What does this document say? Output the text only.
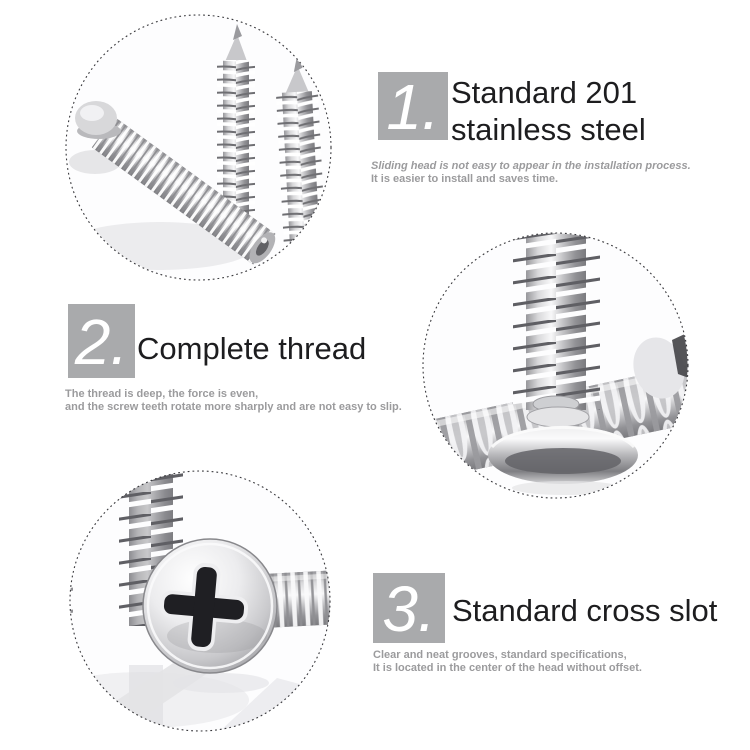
1. Standard 201
stainless steel
Sliding head is not easy to appear in the installation process.
It is easier to install and saves time.
2. Complete thread
The thread is deep, the force is even,
and the screw teeth rotate more sharply and are not easy to slip.
3. Standard cross slot
Clear and neat grooves, standard specifications,
It is located in the center of the head without offset.
